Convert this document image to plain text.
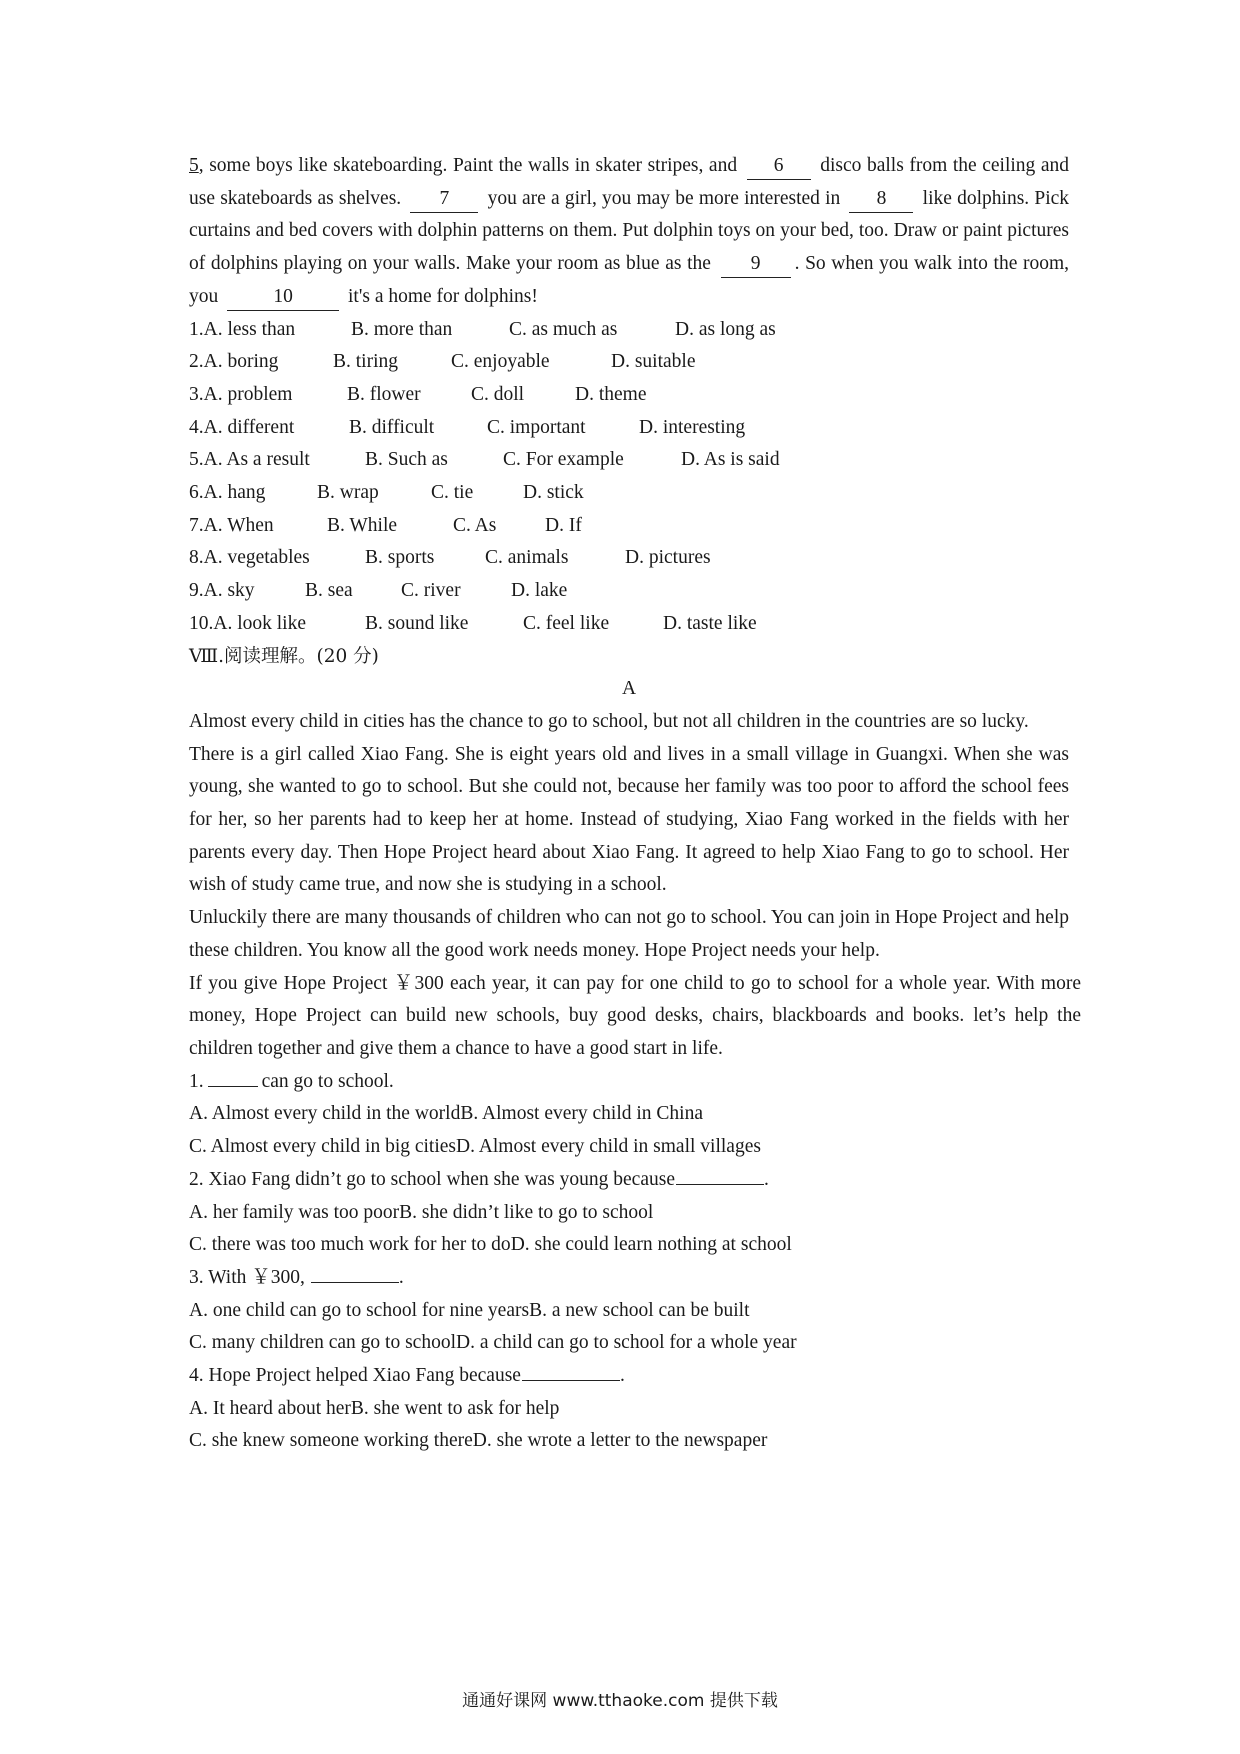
5, some boys like skateboarding. Paint the walls in skater stripes, and 6 disco balls from the ceiling and use skateboards as shelves. 7 you are a girl, you may be more interested in 8 like dolphins. Pick curtains and bed covers with dolphin patterns on them. Put dolphin toys on your bed, too. Draw or paint pictures of dolphins playing on your walls. Make your room as blue as the 9 . So when you walk into the room, you	10	it's a home for dolphins!

1.A. less than	B. more than	C. as much as	D. as long as

2.A. boring	B. tiring	C. enjoyable	D. suitable

3.A. problem	B. flower	C. doll	D. theme

4.A. different	B. difficult	C. important	D. interesting

5.A. As a result	B. Such as	C. For example	D. As is said

6.A. hang	B. wrap	C. tie	D. stick

7.A. When	B. While	C. As D. If

8.A. vegetables	B. sports	C. animals	D. pictures

9.A. sky	B. sea C. river	D. lake

10.A. look like	B. sound like	C. feel like	D. taste like

Ⅷ.阅读理解。(20 分)

A

Almost every child in cities has the chance to go to school, but not all children in the countries are so lucky.

There is a girl called Xiao Fang. She is eight years old and lives in a small village in Guangxi. When she was young, she wanted to go to school. But she could not, because her family was too poor to afford the school fees for her, so her parents had to keep her at home. Instead of studying, Xiao Fang worked in the fields with her parents every day. Then Hope Project heard about Xiao Fang. It agreed to help Xiao Fang to go to school. Her wish of study came true, and now she is studying in a school.

Unluckily there are many thousands of children who can not go to school. You can join in Hope Project and help these children. You know all the good work needs money. Hope Project needs your help.

If you give Hope Project ￥300 each year, it can pay for one child to go to school for a whole year. With more money, Hope Project can build new schools, buy good desks, chairs, blackboards and books. let’s help the children together and give them a chance to have a good start in life.

1.	can go to school.

A. Almost every child in the worldB. Almost every child in China

C. Almost every child in big citiesD. Almost every child in small villages

2. Xiao Fang didn’t go to school when she was young because	.

A. her family was too poorB. she didn’t like to go to school

C. there was too much work for her to doD. she could learn nothing at school

3. With ￥300,	.

A. one child can go to school for nine yearsB. a new school can be built

C. many children can go to schoolD. a child can go to school for a whole year

4. Hope Project helped Xiao Fang because	.

A. It heard about herB. she went to ask for help

C. she knew someone working thereD. she wrote a letter to the newspaper

通通好课网 www.tthaoke.com 提供下载
